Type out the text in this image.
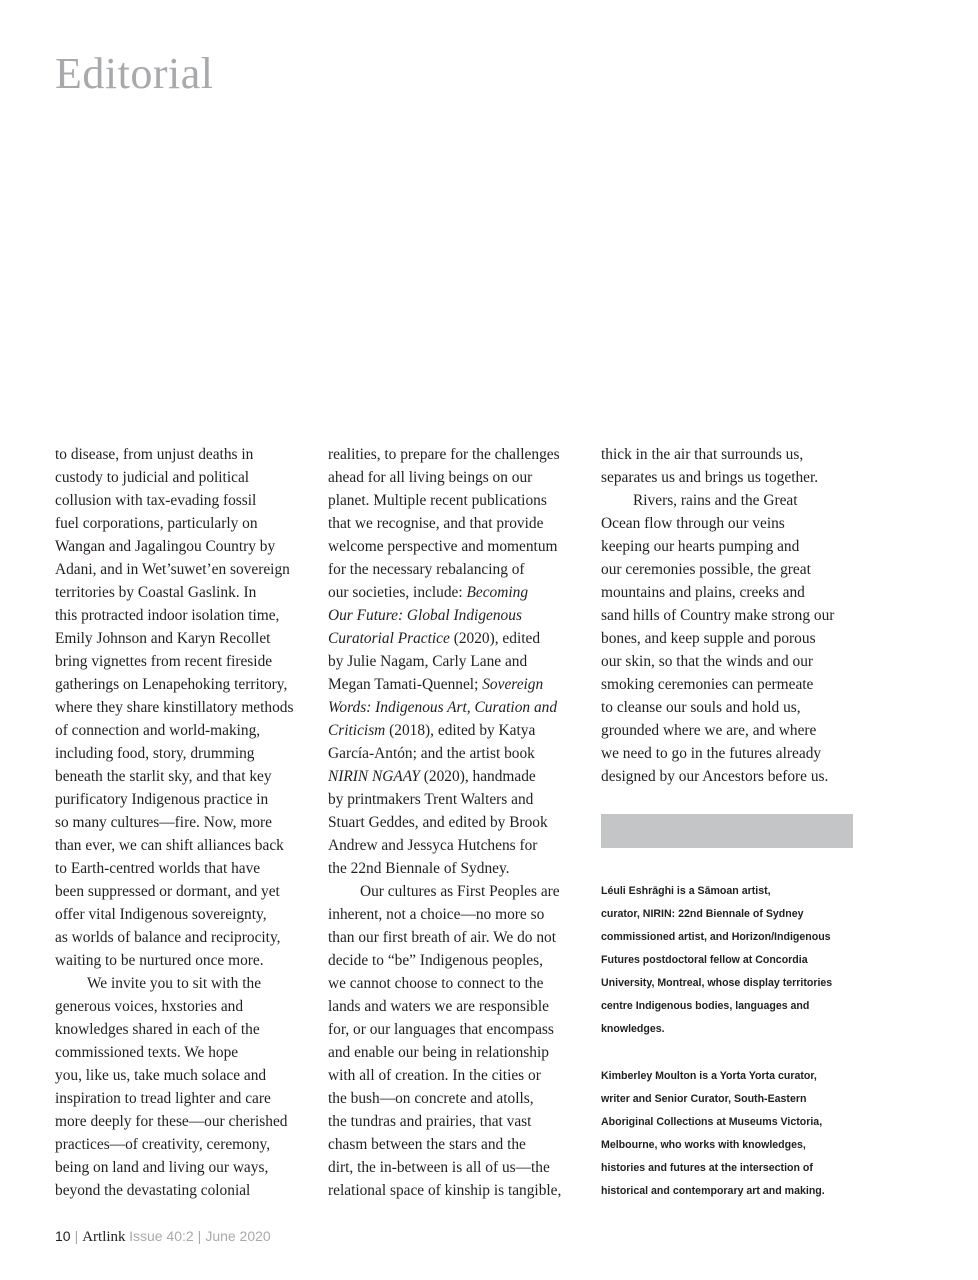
Editorial
to disease, from unjust deaths in
custody to judicial and political
collusion with tax-evading fossil
fuel corporations, particularly on
Wangan and Jagalingou Country by
Adani, and in Wet’suwet’en sovereign
territories by Coastal Gaslink. In
this protracted indoor isolation time,
Emily Johnson and Karyn Recollet
bring vignettes from recent fireside
gatherings on Lenapehoking territory,
where they share kinstillatory methods
of connection and world-making,
including food, story, drumming
beneath the starlit sky, and that key
purificatory Indigenous practice in
so many cultures—fire. Now, more
than ever, we can shift alliances back
to Earth-centred worlds that have
been suppressed or dormant, and yet
offer vital Indigenous sovereignty,
as worlds of balance and reciprocity,
waiting to be nurtured once more.
We invite you to sit with the
generous voices, hxstories and
knowledges shared in each of the
commissioned texts. We hope
you, like us, take much solace and
inspiration to tread lighter and care
more deeply for these—our cherished
practices—of creativity, ceremony,
being on land and living our ways,
beyond the devastating colonial
realities, to prepare for the challenges
ahead for all living beings on our
planet. Multiple recent publications
that we recognise, and that provide
welcome perspective and momentum
for the necessary rebalancing of
our societies, include: Becoming
Our Future: Global Indigenous
Curatorial Practice (2020), edited
by Julie Nagam, Carly Lane and
Megan Tamati-Quennel; Sovereign
Words: Indigenous Art, Curation and
Criticism (2018), edited by Katya
García-Antón; and the artist book
NIRIN NGAAY (2020), handmade
by printmakers Trent Walters and
Stuart Geddes, and edited by Brook
Andrew and Jessyca Hutchens for
the 22nd Biennale of Sydney.
Our cultures as First Peoples are
inherent, not a choice—no more so
than our first breath of air. We do not
decide to “be” Indigenous peoples,
we cannot choose to connect to the
lands and waters we are responsible
for, or our languages that encompass
and enable our being in relationship
with all of creation. In the cities or
the bush—on concrete and atolls,
the tundras and prairies, that vast
chasm between the stars and the
dirt, the in-between is all of us—the
relational space of kinship is tangible,
thick in the air that surrounds us,
separates us and brings us together.
Rivers, rains and the Great
Ocean flow through our veins
keeping our hearts pumping and
our ceremonies possible, the great
mountains and plains, creeks and
sand hills of Country make strong our
bones, and keep supple and porous
our skin, so that the winds and our
smoking ceremonies can permeate
to cleanse our souls and hold us,
grounded where we are, and where
we need to go in the futures already
designed by our Ancestors before us.
Léuli Eshrāghi is a Sāmoan artist,
curator, NIRIN: 22nd Biennale of Sydney
commissioned artist, and Horizon/Indigenous
Futures postdoctoral fellow at Concordia
University, Montreal, whose display territories
centre Indigenous bodies, languages and
knowledges.
Kimberley Moulton is a Yorta Yorta curator,
writer and Senior Curator, South-Eastern
Aboriginal Collections at Museums Victoria,
Melbourne, who works with knowledges,
histories and futures at the intersection of
historical and contemporary art and making.
10 | Artlink Issue 40:2 | June 2020
